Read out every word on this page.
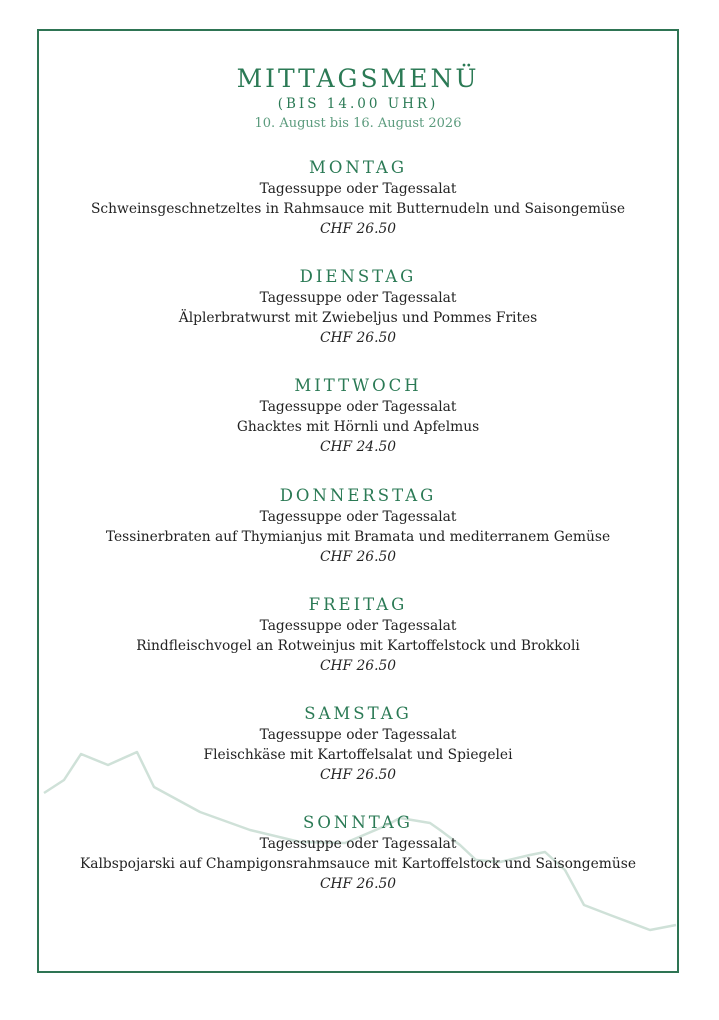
MITTAGSMENÜ
(BIS 14.00 UHR)
10. August bis 16. August 2026
MONTAG
Tagessuppe oder Tagessalat
Schweinsgeschnetzeltes in Rahmsauce mit Butternudeln und Saisongemüse
CHF 26.50
DIENSTAG
Tagessuppe oder Tagessalat
Älplerbratwurst mit Zwiebeljus und Pommes Frites
CHF 26.50
MITTWOCH
Tagessuppe oder Tagessalat
Ghacktes mit Hörnli und Apfelmus
CHF 24.50
DONNERSTAG
Tagessuppe oder Tagessalat
Tessinerbraten auf Thymianjus mit Bramata und mediterranem Gemüse
CHF 26.50
FREITAG
Tagessuppe oder Tagessalat
Rindfleischvogel an Rotweinjus mit Kartoffelstock und Brokkoli
CHF 26.50
SAMSTAG
Tagessuppe oder Tagessalat
Fleischkäse mit Kartoffelsalat und Spiegelei
CHF 26.50
SONNTAG
Tagessuppe oder Tagessalat
Kalbspojarski auf Champigonsrahmsauce mit Kartoffelstock und Saisongemüse
CHF 26.50
